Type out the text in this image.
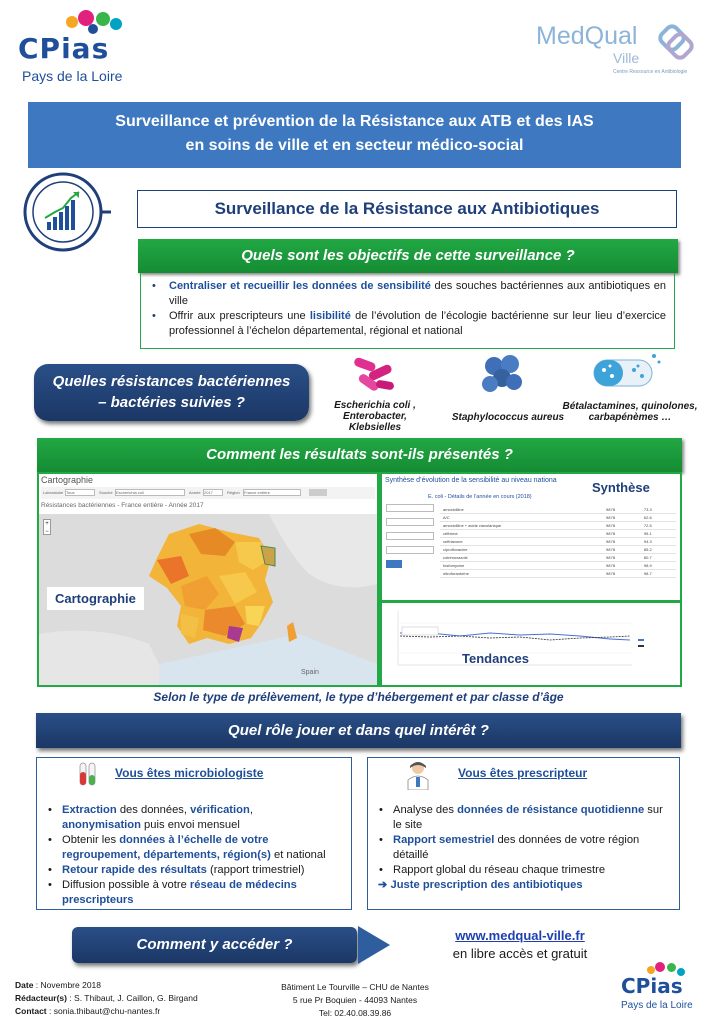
CPias
Pays de la Loire
MedQual
Ville
Centre Ressource en Antibiologie
Surveillance et prévention de la Résistance aux ATB et des IAS
en soins de ville et en secteur médico-social
Surveillance de la Résistance aux Antibiotiques
Quels sont les objectifs de cette surveillance ?
• Centraliser et recueillir les données de sensibilité des souches bactériennes aux antibiotiques en ville
• Offrir aux prescripteurs une lisibilité de l’évolution de l’écologie bactérienne sur leur lieu d’exercice professionnel à l’échelon départemental, régional et national
Quelles résistances bactériennes
– bactéries suivies ?	Escherichia coli ,
Enterobacter, Klebsielles
Staphylococcus aureus
Bétalactamines, quinolones,
carbapénèmes …
Comment les résultats sont-ils présentés ?
Cartographie
Laboratoire Tous	Souche Escherichia coli	Année 2017	Région France entière
Résistances bactériennes - France entière - Année 2017
Spain
+
−
Cartographie
Synthèse d’évolution de la sensibilité au niveau nationa	Synthèse
E. coli - Détails de l’année en cours (2018)
amoxicilline	9878	73.3
A/C	9878	62.6
amoxicilline + acide clavulanique	9878	72.5
céfixime	9878	95.1
ceftriaxone	9878	94.3
ciprofloxacine	9878	85.2
cotrimoxazole	9878	80.7
fosfomycine	9878	98.9
nitrofurantoïne	9878	98.7
Tendances
Selon le type de prélèvement, le type d’hébergement et par classe d’âge
Quel rôle jouer et dans quel intérêt ?
Vous êtes microbiologiste
• Extraction des données, vérification,
anonymisation puis envoi mensuel
• Obtenir les données à l’échelle de votre regroupement, départements, région(s) et national
• Retour rapide des résultats (rapport trimestriel)
• Diffusion possible à votre réseau de médecins prescripteurs
Vous êtes prescripteur
• Analyse des données de résistance quotidienne sur le site
• Rapport semestriel des données de votre région détaillé
• Rapport global du réseau chaque trimestre
➔ Juste prescription des antibiotiques
Comment y accéder ?
www.medqual-ville.fr
en libre accès et gratuit
Date : Novembre 2018
Rédacteur(s) : S. Thibaut, J. Caillon, G. Birgand
Contact : sonia.thibaut@chu-nantes.fr
Bâtiment Le Tourville – CHU de Nantes
5 rue Pr Boquien - 44093 Nantes
Tel: 02.40.08.39.86
CPias
Pays de la Loire
